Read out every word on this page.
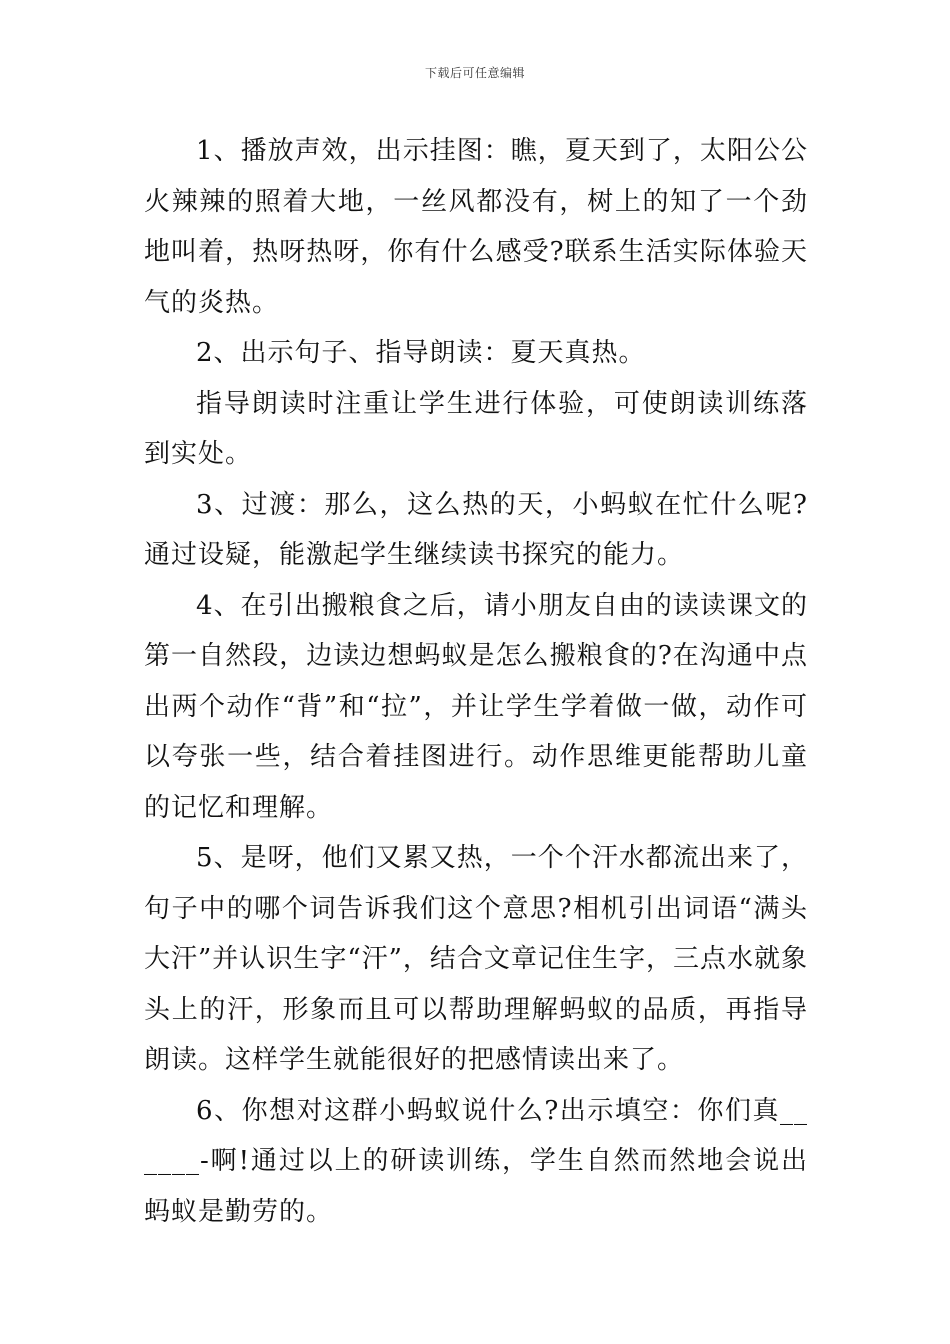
下载后可任意编辑

1、播放声效，出示挂图：瞧，夏天到了，太阳公公火辣辣的照着大地，一丝风都没有，树上的知了一个劲地叫着，热呀热呀，你有什么感受?联系生活实际体验天气的炎热。

2、出示句子、指导朗读：夏天真热。

指导朗读时注重让学生进行体验，可使朗读训练落到实处。

3、过渡：那么，这么热的天，小蚂蚁在忙什么呢?通过设疑，能激起学生继续读书探究的能力。

4、在引出搬粮食之后，请小朋友自由的读读课文的第一自然段，边读边想蚂蚁是怎么搬粮食的?在沟通中点出两个动作“背”和“拉”，并让学生学着做一做，动作可以夸张一些，结合着挂图进行。动作思维更能帮助儿童的记忆和理解。

5、是呀，他们又累又热，一个个汗水都流出来了，句子中的哪个词告诉我们这个意思?相机引出词语“满头大汗”并认识生字“汗”，结合文章记住生字，三点水就象头上的汗，形象而且可以帮助理解蚂蚁的品质，再指导朗读。这样学生就能很好的把感情读出来了。

6、你想对这群小蚂蚁说什么?出示填空：你们真______-啊!通过以上的研读训练，学生自然而然地会说出蚂蚁是勤劳的。
